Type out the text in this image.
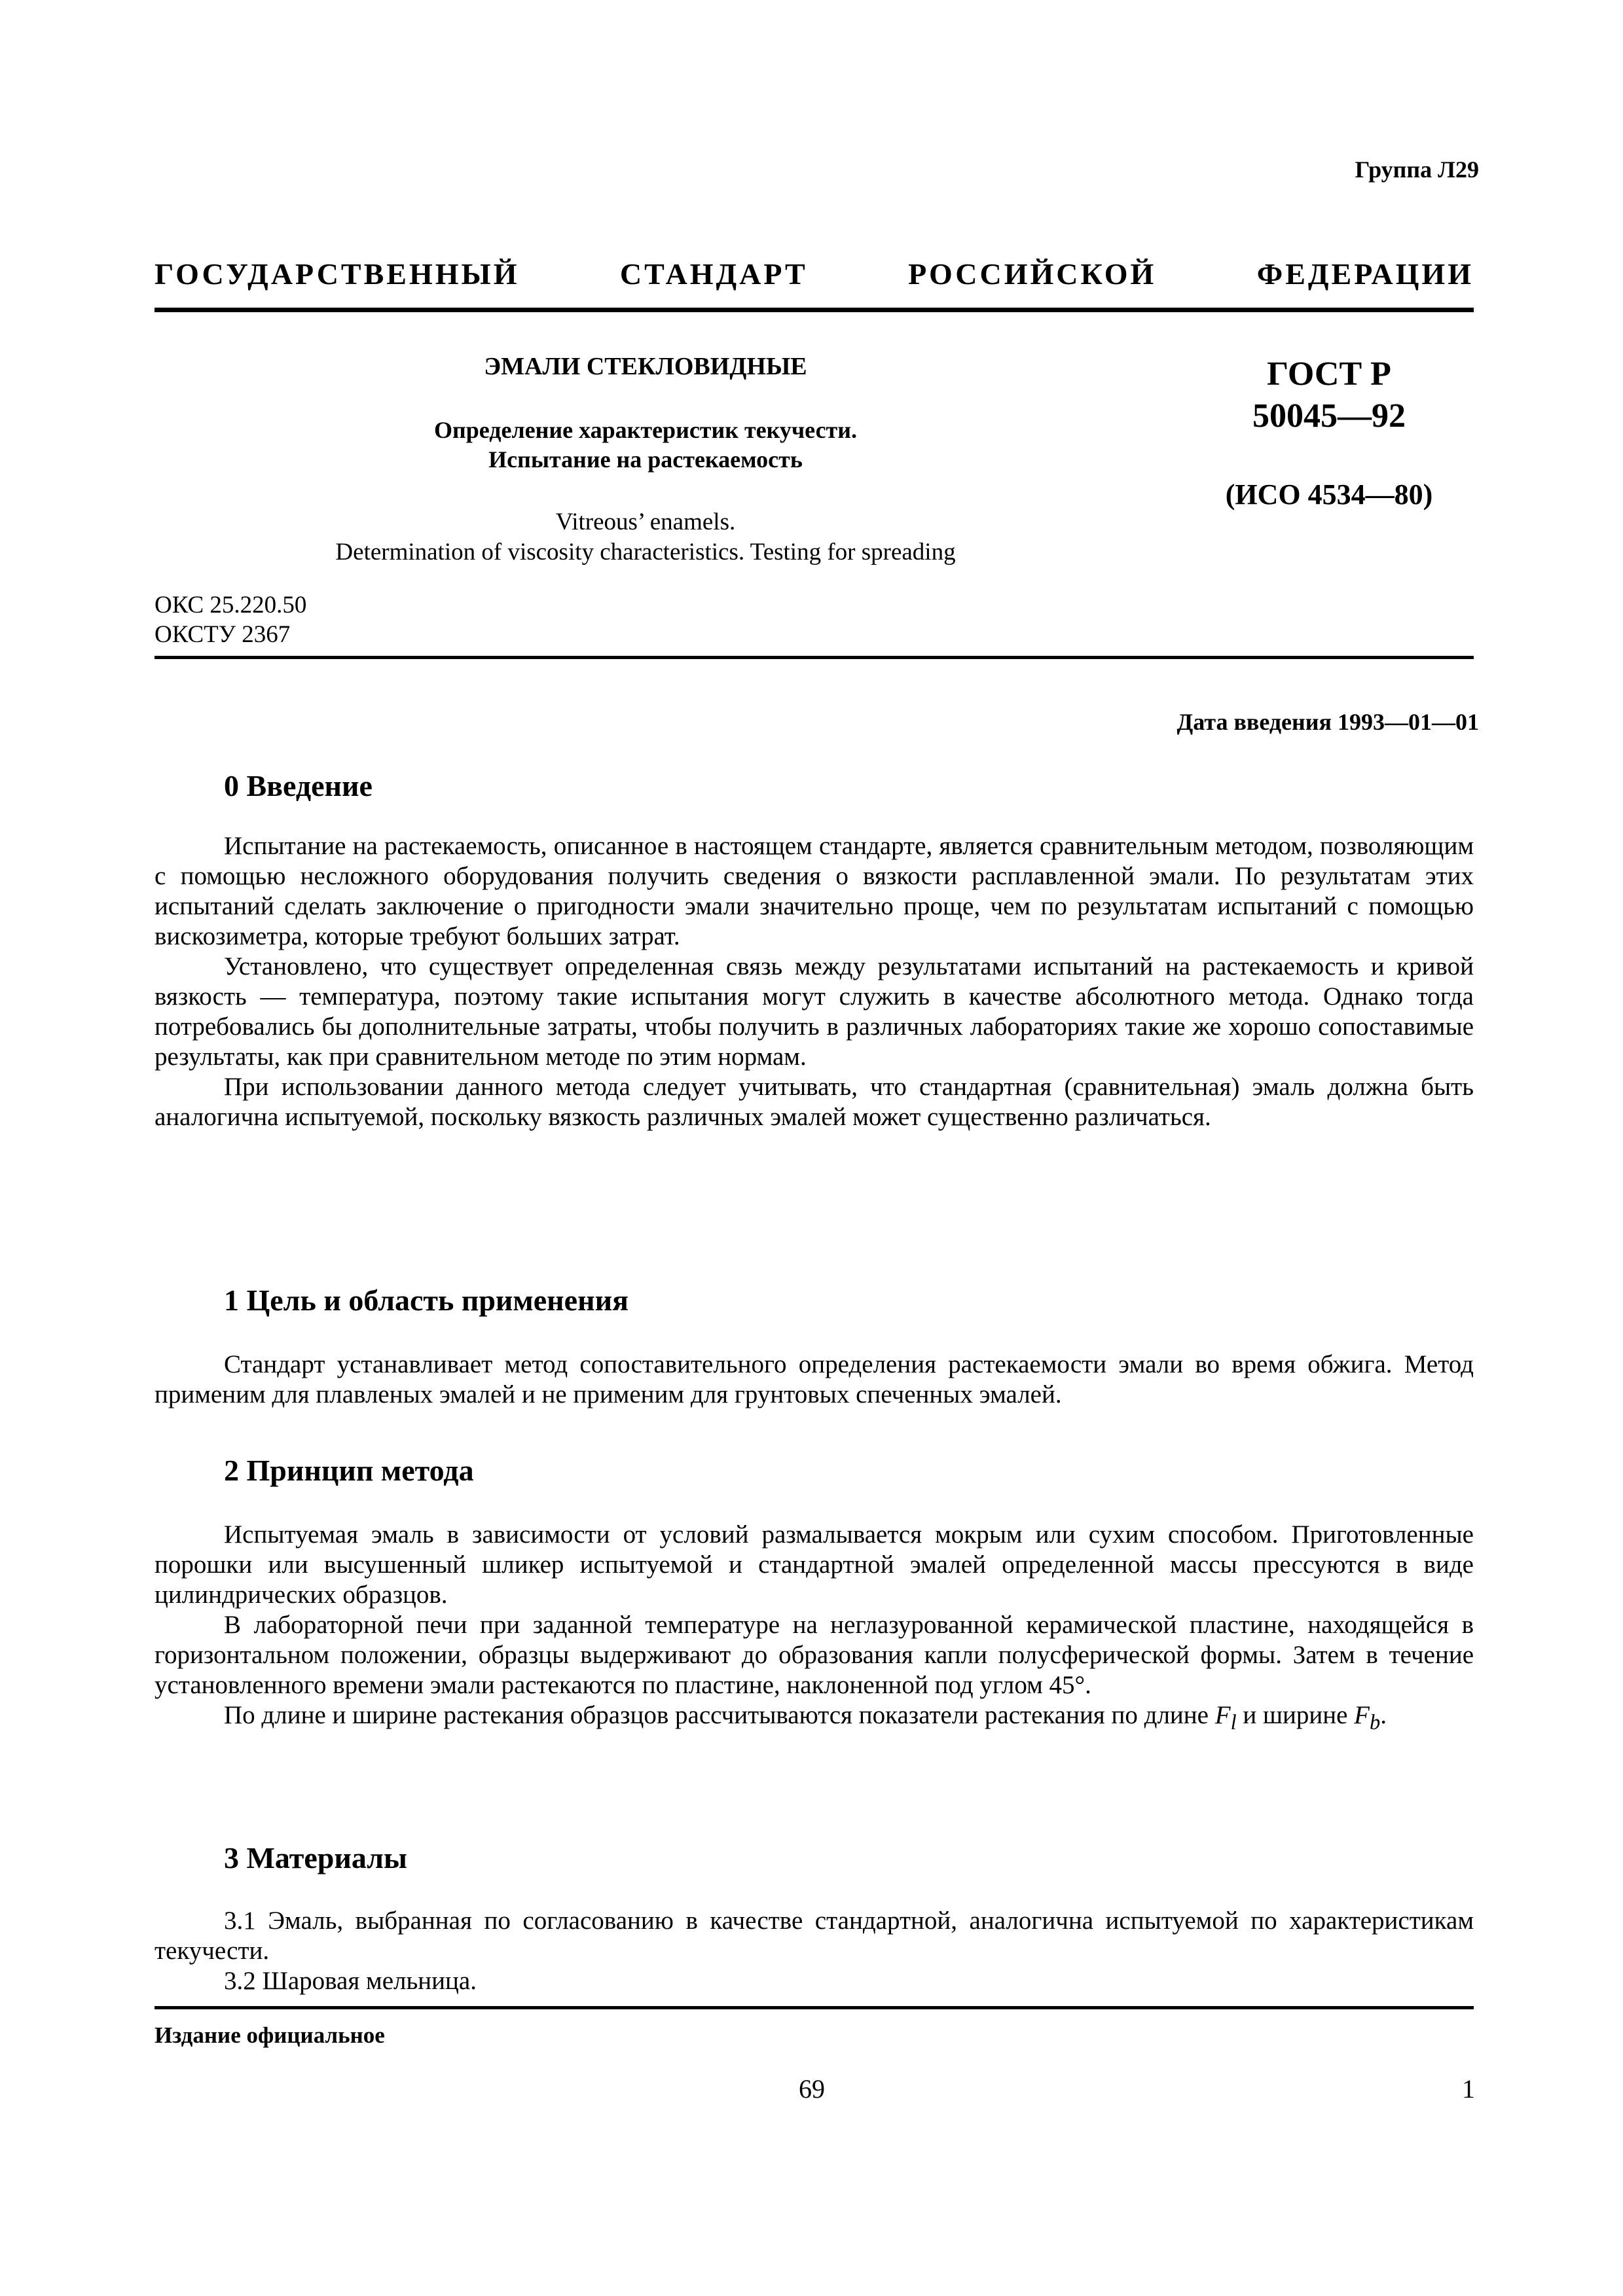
Группа Л29
ГОСУДАРСТВЕННЫЙ СТАНДАРТ РОССИЙСКОЙ ФЕДЕРАЦИИ
ЭМАЛИ СТЕКЛОВИДНЫЕ
Определение характеристик текучести.
Испытание на растекаемость
Vitreous’ enamels.
Determination of viscosity characteristics. Testing for spreading
ГОСТ Р
50045—92
(ИСО 4534—80)
ОКС 25.220.50
ОКСТУ 2367
Дата введения 1993—01—01
0 Введение

Испытание на растекаемость, описанное в настоящем стандарте, является сравнительным методом, позволяющим с помощью несложного оборудования получить сведения о вязкости расплавленной эмали. По результатам этих испытаний сделать заключение о пригодности эмали значительно проще, чем по результатам испытаний с помощью вискозиметра, которые требуют больших затрат.

Установлено, что существует определенная связь между результатами испытаний на растекаемость и кривой вязкость — температура, поэтому такие испытания могут служить в качестве абсолютного метода. Однако тогда потребовались бы дополнительные затраты, чтобы получить в различных лабораториях такие же хорошо сопоставимые результаты, как при сравнительном методе по этим нормам.

При использовании данного метода следует учитывать, что стандартная (сравнительная) эмаль должна быть аналогична испытуемой, поскольку вязкость различных эмалей может существенно различаться.

1 Цель и область применения

Стандарт устанавливает метод сопоставительного определения растекаемости эмали во время обжига. Метод применим для плавленых эмалей и не применим для грунтовых спеченных эмалей.

2 Принцип метода

Испытуемая эмаль в зависимости от условий размалывается мокрым или сухим способом. Приготовленные порошки или высушенный шликер испытуемой и стандартной эмалей определенной массы прессуются в виде цилиндрических образцов.

В лабораторной печи при заданной температуре на неглазурованной керамической пластине, находящейся в горизонтальном положении, образцы выдерживают до образования капли полусферической формы. Затем в течение установленного времени эмали растекаются по пластине, наклоненной под углом 45°.

По длине и ширине растекания образцов рассчитываются показатели растекания по длине $F_l$ и ширине $F_b$.

3 Материалы

3.1 Эмаль, выбранная по согласованию в качестве стандартной, аналогична испытуемой по характеристикам текучести.

3.2 Шаровая мельница.

Издание официальное
69	1
